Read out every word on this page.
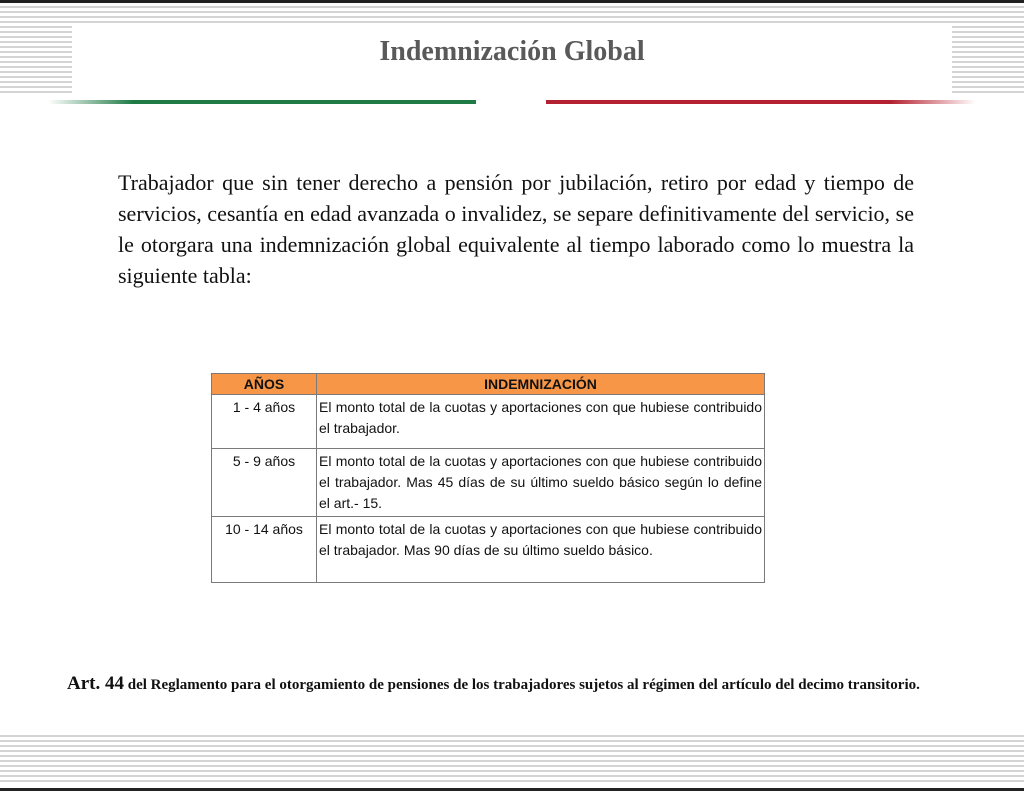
Indemnización Global

Trabajador que sin tener derecho a pensión por jubilación, retiro por edad y tiempo de servicios, cesantía en edad avanzada o invalidez, se separe definitivamente del servicio, se le otorgara una indemnización global equivalente al tiempo laborado como lo muestra la siguiente tabla:

AÑOS	INDEMNIZACIÓN
1 - 4 años	El monto total de la cuotas y aportaciones con que hubiese contribuido el trabajador.
5 - 9 años	El monto total de la cuotas y aportaciones con que hubiese contribuido el trabajador. Mas 45 días de su último sueldo básico según lo define el art.- 15.
10 - 14 años	El monto total de la cuotas y aportaciones con que hubiese contribuido el trabajador. Mas 90 días de su último sueldo básico.

Art. 44 del Reglamento para el otorgamiento de pensiones de los trabajadores sujetos al régimen del artículo del decimo transitorio.
